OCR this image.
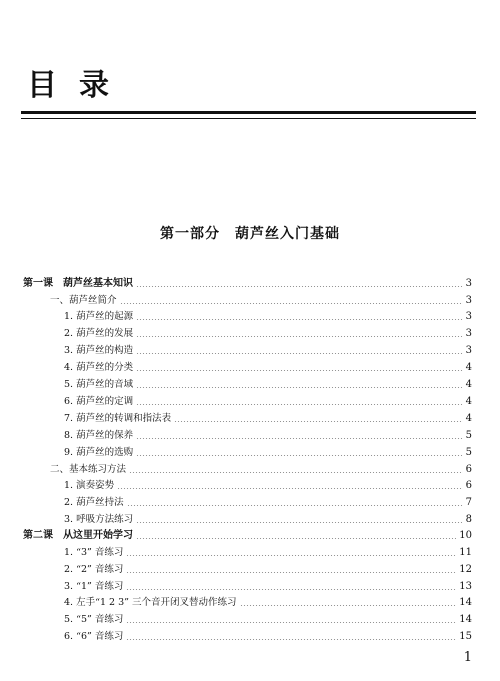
目 录
第一部分　葫芦丝入门基础
第一课　葫芦丝基本知识	3
一、葫芦丝简介	3
1. 葫芦丝的起源	3
2. 葫芦丝的发展	3
3. 葫芦丝的构造	3
4. 葫芦丝的分类	4
5. 葫芦丝的音域	4
6. 葫芦丝的定调	4
7. 葫芦丝的转调和指法表	4
8. 葫芦丝的保养	5
9. 葫芦丝的选购	5
二、基本练习方法	6
1. 演奏姿势	6
2. 葫芦丝持法	7
3. 呼吸方法练习	8
第二课　从这里开始学习	10
1. “3” 音练习	11
2. “2” 音练习	12
3. “1” 音练习	13
4. 左手“1 2 3” 三个音开闭叉替动作练习	14
5. “5” 音练习	14
6. “6” 音练习	15
1
